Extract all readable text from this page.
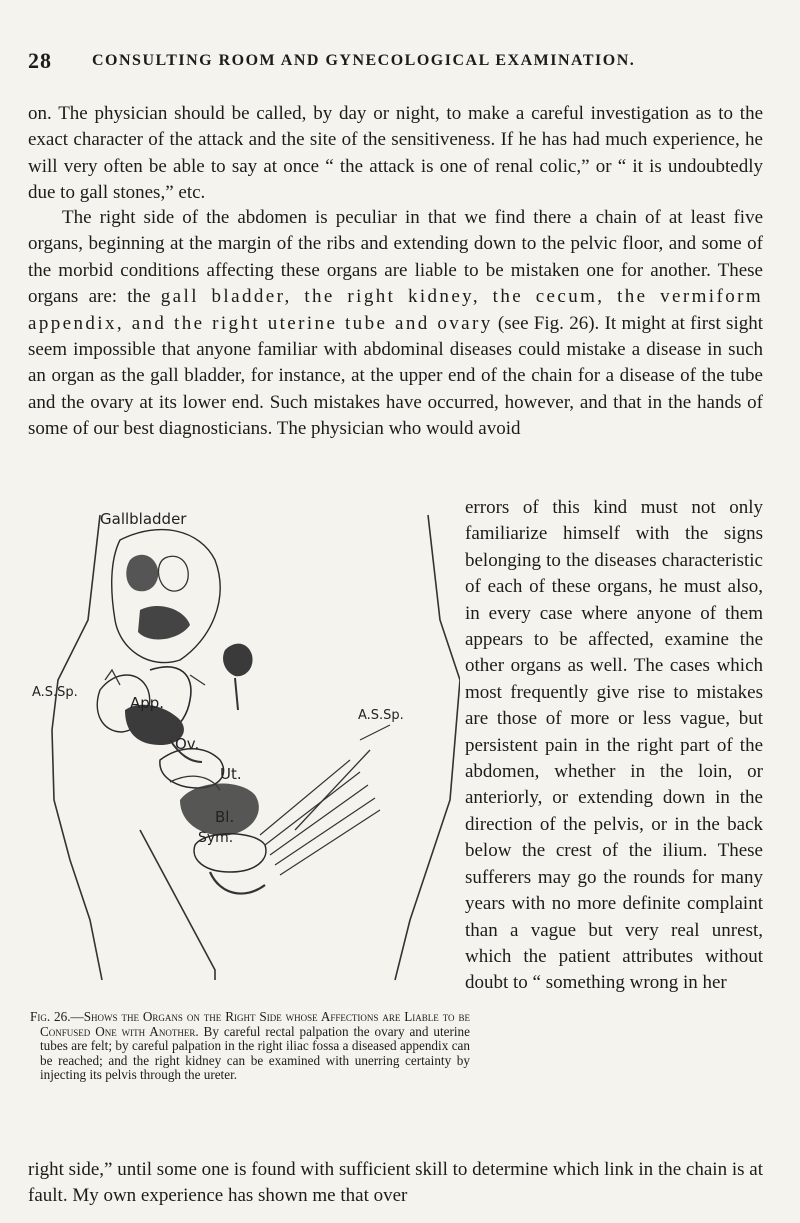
28	CONSULTING ROOM AND GYNECOLOGICAL EXAMINATION.

on. The physician should be called, by day or night, to make a careful investigation as to the exact character of the attack and the site of the sensitiveness. If he has had much experience, he will very often be able to say at once “ the attack is one of renal colic,” or “ it is undoubtedly due to gall stones,” etc.

The right side of the abdomen is peculiar in that we find there a chain of at least five organs, beginning at the margin of the ribs and extending down to the pelvic floor, and some of the morbid conditions affecting these organs are liable to be mistaken one for another. These organs are: the gall bladder, the right kidney, the cecum, the vermiform appendix, and the right uterine tube and ovary (see Fig. 26). It might at first sight seem impossible that anyone familiar with abdominal diseases could mistake a disease in such an organ as the gall bladder, for instance, at the upper end of the chain for a disease of the tube and the ovary at its lower end. Such mistakes have occurred, however, and that in the hands of some of our best diagnosticians. The physician who would avoid

errors of this kind must not only familiarize himself with the signs belonging to the diseases characteristic of each of these organs, he must also, in every case where anyone of them appears to be affected, examine the other organs as well. The cases which most frequently give rise to mistakes are those of more or less vague, but persistent pain in the right part of the abdomen, whether in the loin, or anteriorly, or extending down in the direction of the pelvis, or in the back below the crest of the ilium. These sufferers may go the rounds for many years with no more definite complaint than a vague but very real unrest, which the patient attributes without doubt to “ something wrong in her

Gallbladder
A.S.Sp.
App.
A.S.Sp.
Ov.
Ut.
Bl.
Sym.

Fig. 26.—Shows the Organs on the Right Side whose Affections are Liable to be Confused One with Another. By careful rectal palpation the ovary and uterine tubes are felt; by careful palpation in the right iliac fossa a diseased appendix can be reached; and the right kidney can be examined with unerring certainty by injecting its pelvis through the ureter.

right side,” until some one is found with sufficient skill to determine which link in the chain is at fault. My own experience has shown me that over
